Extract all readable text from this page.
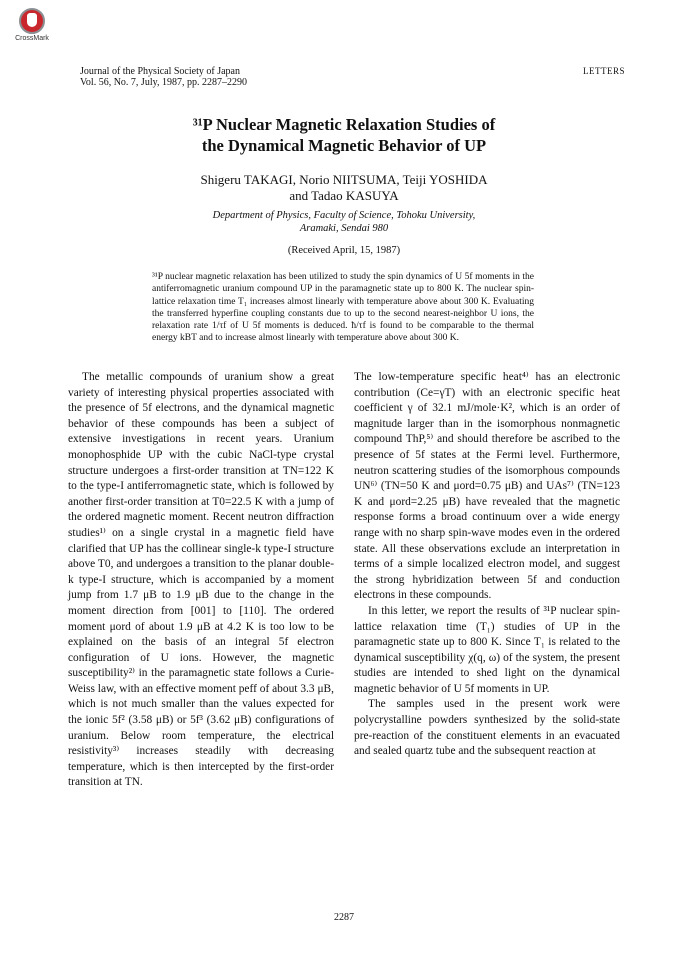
CrossMark
Journal of the Physical Society of Japan
Vol. 56, No. 7, July, 1987, pp. 2287–2290
LETTERS
³¹P Nuclear Magnetic Relaxation Studies of
the Dynamical Magnetic Behavior of UP
Shigeru TAKAGI, Norio NIITSUMA, Teiji YOSHIDA
and Tadao KASUYA
Department of Physics, Faculty of Science, Tohoku University,
Aramaki, Sendai 980
(Received April, 15, 1987)
³¹P nuclear magnetic relaxation has been utilized to study the spin dynamics of U 5f moments in the antiferromagnetic uranium compound UP in the paramagnetic state up to 800 K. The nuclear spin-lattice relaxation time T₁ increases almost linearly with temperature above about 300 K. Evaluating the transferred hyperfine coupling constants due to up to the second nearest-neighbor U ions, the relaxation rate 1/τf of U 5f moments is deduced. ħ/τf is found to be comparable to the thermal energy kBT and to increase almost linearly with temperature above about 300 K.

The metallic compounds of uranium show a great variety of interesting physical properties associated with the presence of 5f electrons, and the dynamical magnetic behavior of these compounds has been a subject of extensive investigations in recent years. Uranium monophosphide UP with the cubic NaCl-type crystal structure undergoes a first-order transition at TN=122 K to the type-I antiferromagnetic state, which is followed by another first-order transition at T0=22.5 K with a jump of the ordered magnetic moment. Recent neutron diffraction studies¹⁾ on a single crystal in a magnetic field have clarified that UP has the collinear single-k type-I structure above T0, and undergoes a transition to the planar double-k type-I structure, which is accompanied by a moment jump from 1.7 μB to 1.9 μB due to the change in the moment direction from [001] to [110]. The ordered moment μord of about 1.9 μB at 4.2 K is too low to be explained on the basis of an integral 5f electron configuration of U ions. However, the magnetic susceptibility²⁾ in the paramagnetic state follows a Curie-Weiss law, with an effective moment peff of about 3.3 μB, which is not much smaller than the values expected for the ionic 5f² (3.58 μB) or 5f³ (3.62 μB) configurations of uranium. Below room temperature, the electrical resistivity³⁾ increases steadily with decreasing temperature, which is then intercepted by the first-order transition at TN.

The low-temperature specific heat⁴⁾ has an electronic contribution (Ce=γT) with an electronic specific heat coefficient γ of 32.1 mJ/mole·K², which is an order of magnitude larger than in the isomorphous nonmagnetic compound ThP,⁵⁾ and should therefore be ascribed to the presence of 5f states at the Fermi level. Furthermore, neutron scattering studies of the isomorphous compounds UN⁶⁾ (TN=50 K and μord=0.75 μB) and UAs⁷⁾ (TN=123 K and μord=2.25 μB) have revealed that the magnetic response forms a broad continuum over a wide energy range with no sharp spin-wave modes even in the ordered state. All these observations exclude an interpretation in terms of a simple localized electron model, and suggest the strong hybridization between 5f and conduction electrons in these compounds.

In this letter, we report the results of ³¹P nuclear spin-lattice relaxation time (T₁) studies of UP in the paramagnetic state up to 800 K. Since T₁ is related to the dynamical susceptibility χ(q, ω) of the system, the present studies are intended to shed light on the dynamical magnetic behavior of U 5f moments in UP.

The samples used in the present work were polycrystalline powders synthesized by the solid-state pre-reaction of the constituent elements in an evacuated and sealed quartz tube and the subsequent reaction at

2287
